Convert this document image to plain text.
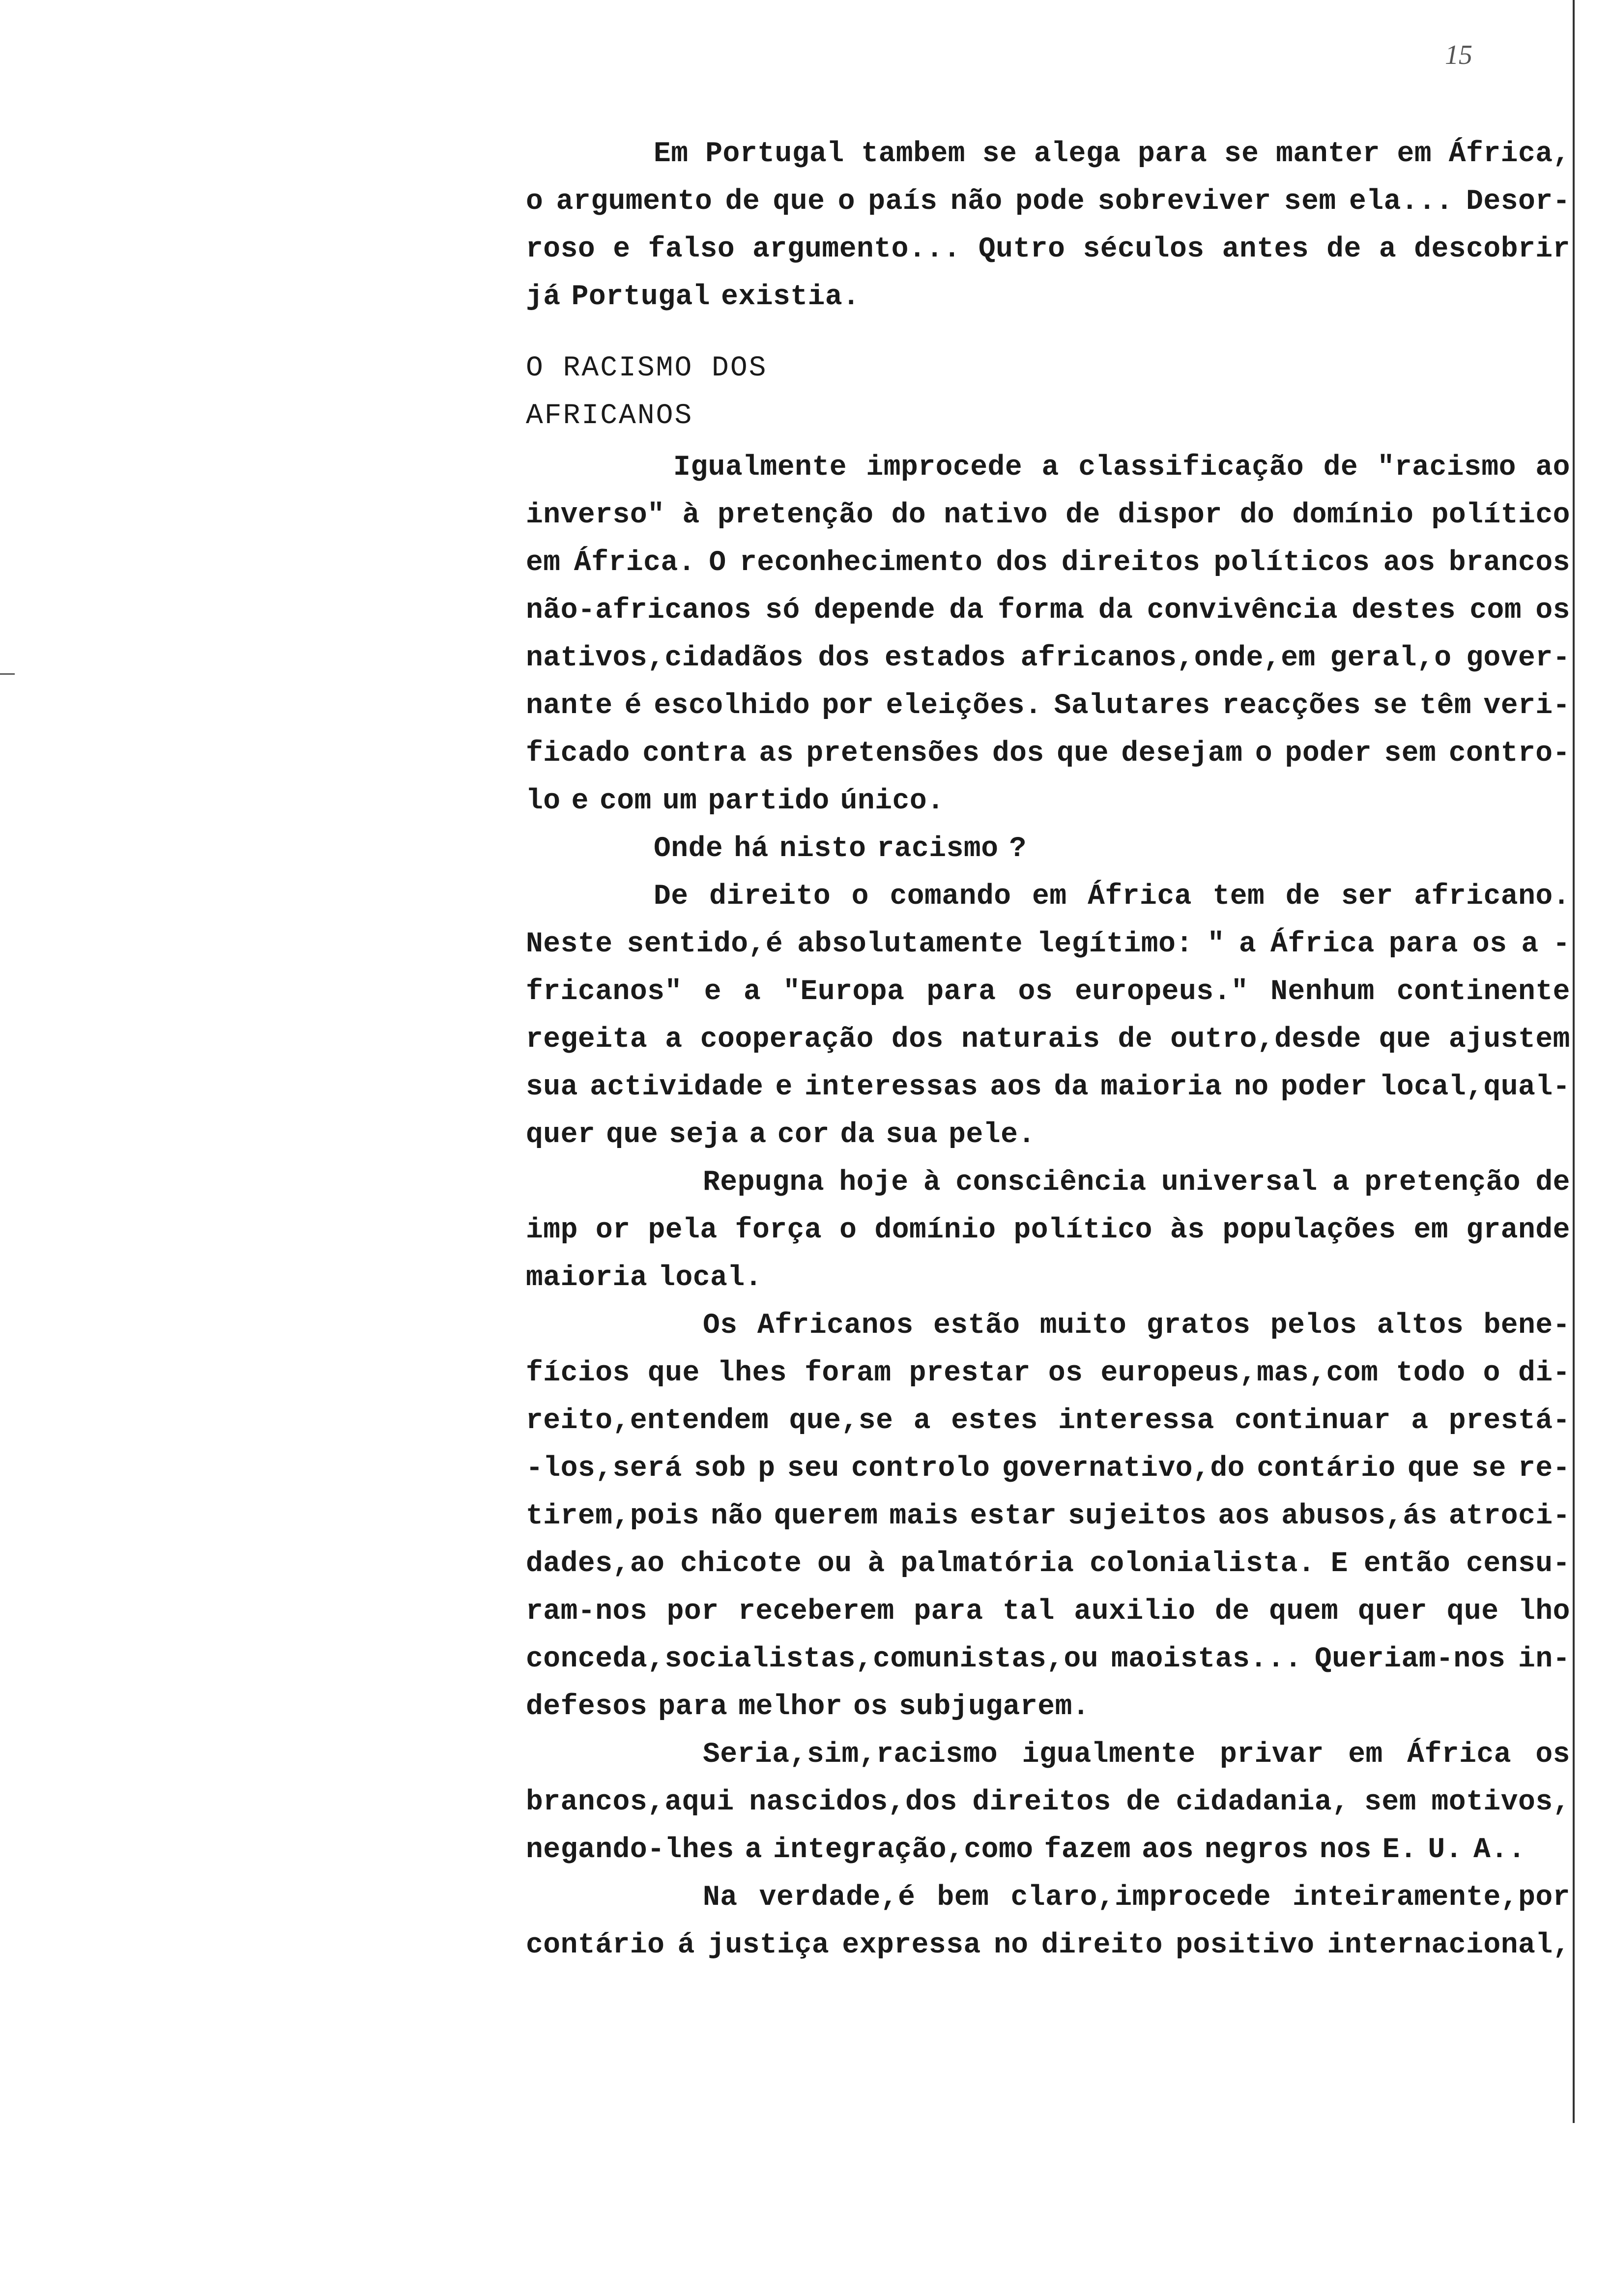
15
Em Portugal tambem se alega para se manter em África,
o argumento de que o país não pode sobreviver sem ela... Desor-
roso e falso argumento... Qutro séculos antes de a descobrir
já Portugal existia.
O RACISMO DOS
AFRICANOS
Igualmente improcede a classificação de "racismo ao
inverso" à pretenção do nativo de dispor do domínio político
em África. O reconhecimento dos direitos políticos aos brancos
não-africanos só depende da forma da convivência destes com os
nativos,cidadãos dos estados africanos,onde,em geral,o gover-
nante é escolhido por eleições. Salutares reacções se têm veri-
ficado contra as pretensões dos que desejam o poder sem contro-
lo e com um partido único.
Onde há nisto racismo ?
De direito o comando em África tem de ser africano.
Neste sentido,é absolutamente legítimo: " a África para os a -
fricanos" e a "Europa para os europeus." Nenhum continente
regeita a cooperação dos naturais de outro,desde que ajustem
sua actividade e interessas aos da maioria no poder local,qual-
quer que seja a cor da sua pele.
Repugna hoje à consciência universal a pretenção de
imp or pela força o domínio político às populações em grande
maioria local.
Os Africanos estão muito gratos pelos altos bene-
fícios que lhes foram prestar os europeus,mas,com todo o di-
reito,entendem que,se a estes interessa continuar a prestá-
-los,será sob p seu controlo governativo,do contário que se re-
tirem,pois não querem mais estar sujeitos aos abusos,ás atroci-
dades,ao chicote ou à palmatória colonialista. E então censu-
ram-nos por receberem para tal auxilio de quem quer que lho
conceda,socialistas,comunistas,ou maoistas... Queriam-nos in-
defesos para melhor os subjugarem.
Seria,sim,racismo igualmente privar em África os
brancos,aqui nascidos,dos direitos de cidadania, sem motivos,
negando-lhes a integração,como fazem aos negros nos E. U. A..
Na verdade,é bem claro,improcede inteiramente,por
contário á justiça expressa no direito positivo internacional,
